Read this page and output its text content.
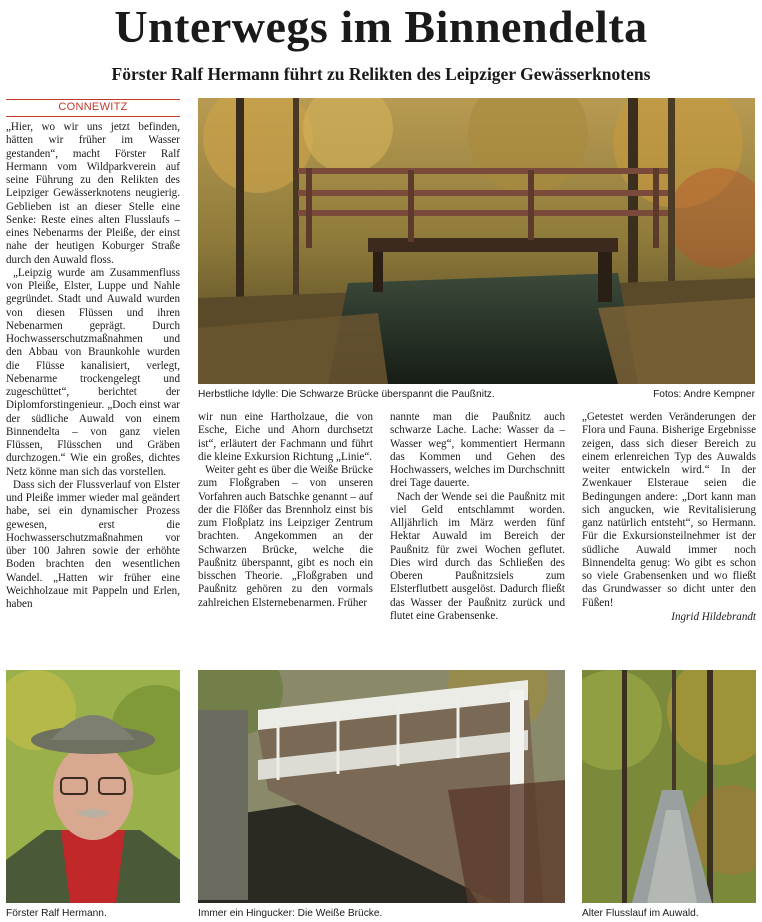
Unterwegs im Binnendelta
Förster Ralf Hermann führt zu Relikten des Leipziger Gewässerknotens
CONNEWITZ

„Hier, wo wir uns jetzt befinden, hätten wir früher im Wasser gestanden“, macht Förster Ralf Hermann vom Wildparkverein auf seine Führung zu den Relikten des Leipziger Gewässerknotens neugierig. Geblieben ist an dieser Stelle eine Senke: Reste eines alten Flusslaufs – eines Nebenarms der Pleiße, der einst nahe der heutigen Koburger Straße durch den Auwald floss.

„Leipzig wurde am Zusammenfluss von Pleiße, Elster, Luppe und Nahle gegründet. Stadt und Auwald wurden von diesen Flüssen und ihren Nebenarmen geprägt. Durch Hochwasserschutzmaßnahmen und den Abbau von Braunkohle wurden die Flüsse kanalisiert, verlegt, Nebenarme trockengelegt und zugeschüttet“, berichtet der Diplomforstingenieur. „Doch einst war der südliche Auwald von einem Binnendelta – von ganz vielen Flüssen, Flüsschen und Gräben durchzogen.“ Wie ein großes, dichtes Netz könne man sich das vorstellen.

Dass sich der Flussverlauf von Elster und Pleiße immer wieder mal geändert habe, sei ein dynamischer Prozess gewesen, erst die Hochwasserschutzmaßnahmen vor über 100 Jahren sowie der erhöhte Boden brachten den wesentlichen Wandel. „Hatten wir früher eine Weichholzaue mit Pappeln und Erlen, haben

Herbstliche Idylle: Die Schwarze Brücke überspannt die Paußnitz.	Fotos: Andre Kempner

wir nun eine Hartholzaue, die von Esche, Eiche und Ahorn durchsetzt ist“, erläutert der Fachmann und führt die kleine Exkursion Richtung „Linie“.

Weiter geht es über die Weiße Brücke zum Floßgraben – von unseren Vorfahren auch Batschke genannt – auf der die Flößer das Brennholz einst bis zum Floßplatz ins Leipziger Zentrum brachten. Angekommen an der Schwarzen Brücke, welche die Paußnitz überspannt, gibt es noch ein bisschen Theorie. „Floßgraben und Paußnitz gehören zu den vormals zahlreichen Elsternebenarmen. Früher

nannte man die Paußnitz auch schwarze Lache. Lache: Wasser da – Wasser weg“, kommentiert Hermann das Kommen und Gehen des Hochwassers, welches im Durchschnitt drei Tage dauerte.

Nach der Wende sei die Paußnitz mit viel Geld entschlammt worden. Alljährlich im März werden fünf Hektar Auwald im Bereich der Paußnitz für zwei Wochen geflutet. Dies wird durch das Schließen des Oberen Paußnitzsiels zum Elsterflutbett ausgelöst. Dadurch fließt das Wasser der Paußnitz zurück und flutet eine Grabensenke.

„Getestet werden Veränderungen der Flora und Fauna. Bisherige Ergebnisse zeigen, dass sich dieser Bereich zu einem erlenreichen Typ des Auwalds weiter entwickeln wird.“ In der Zwenkauer Elsteraue seien die Bedingungen andere: „Dort kann man sich angucken, wie Revitalisierung ganz natürlich entsteht“, so Hermann. Für die Exkursionsteilnehmer ist der südliche Auwald immer noch Binnendelta genug: Wo gibt es schon so viele Grabensenken und wo fließt das Grundwasser so dicht unter den Füßen!

Ingrid Hildebrandt
Förster Ralf Hermann.	Immer ein Hingucker: Die Weiße Brücke.	Alter Flusslauf im Auwald.
